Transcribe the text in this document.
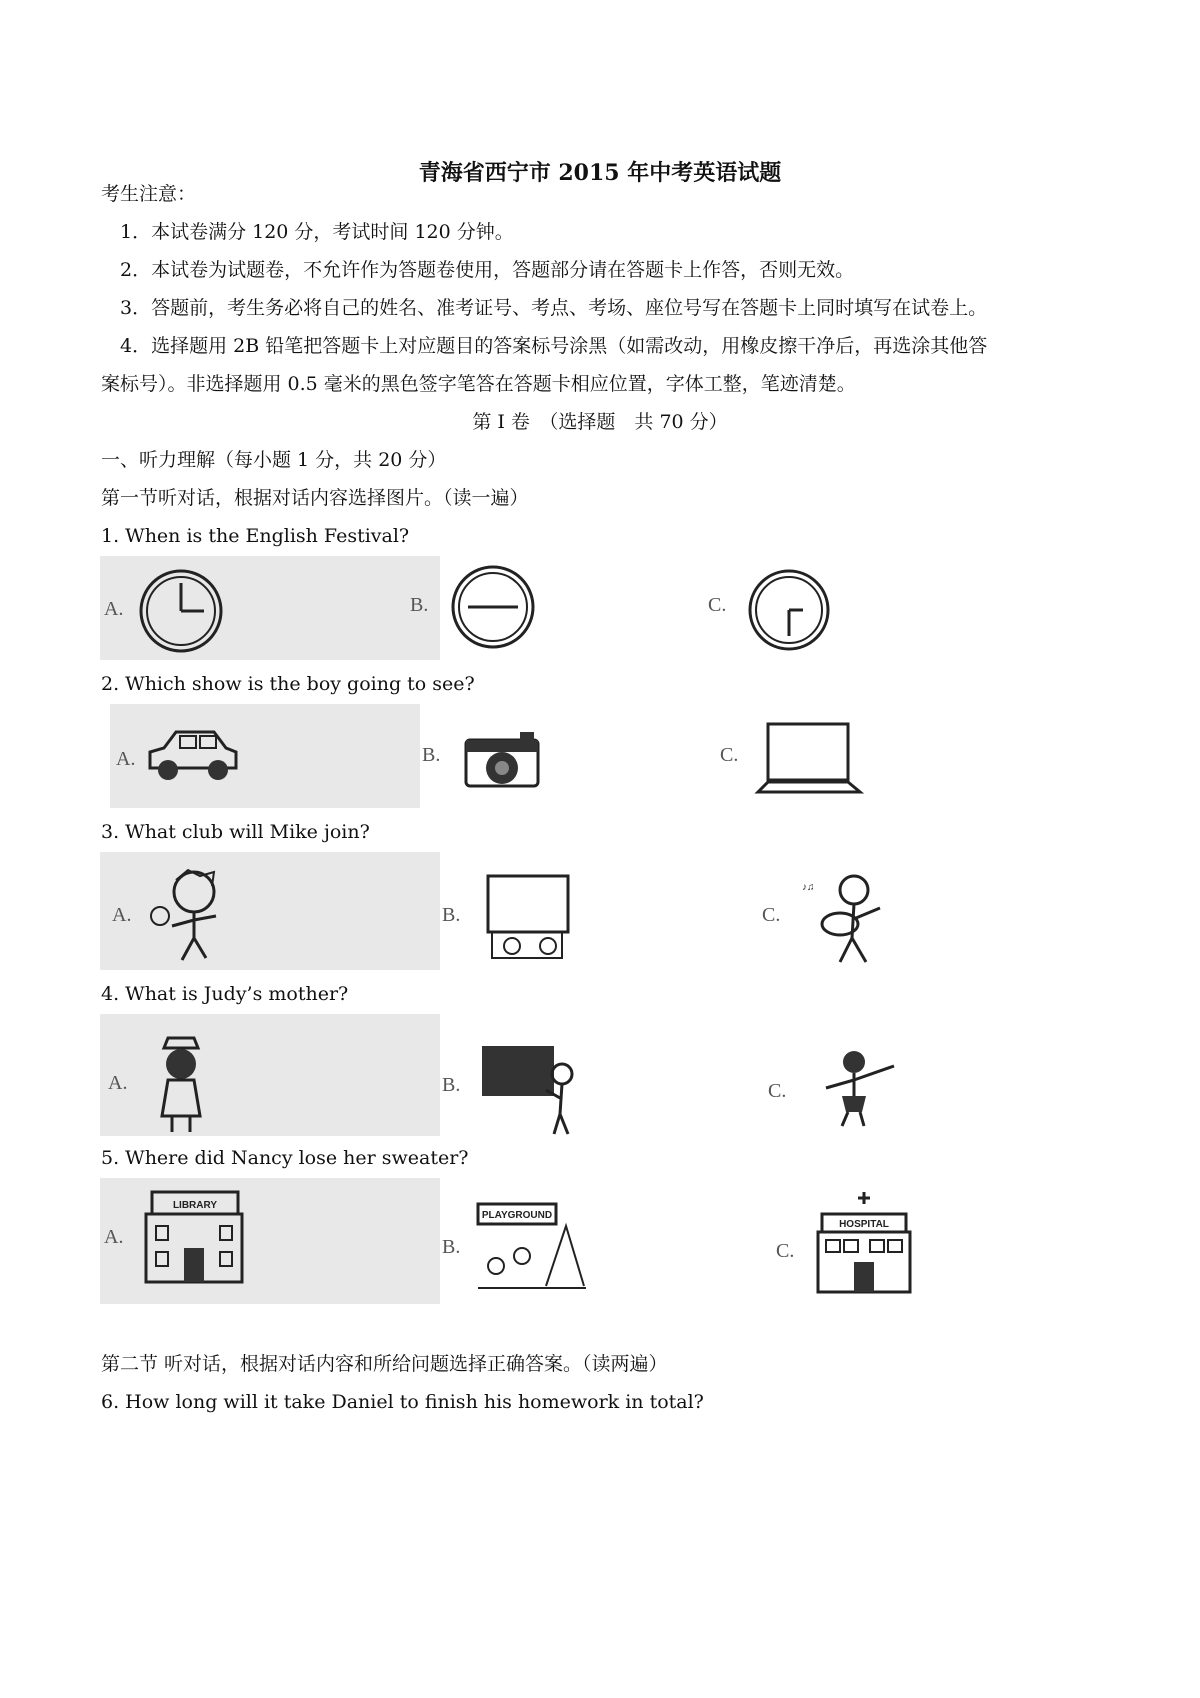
青海省西宁市 2015 年中考英语试题
考生注意：
1．本试卷满分 120 分，考试时间 120 分钟。
2．本试卷为试题卷，不允许作为答题卷使用，答题部分请在答题卡上作答，否则无效。
3．答题前，考生务必将自己的姓名、准考证号、考点、考场、座位号写在答题卡上同时填写在试卷上。
4．选择题用 2B 铅笔把答题卡上对应题目的答案标号涂黑（如需改动，用橡皮擦干净后，再选涂其他答
案标号）。非选择题用 0.5 毫米的黑色签字笔答在答题卡相应位置，字体工整，笔迹清楚。
第 I 卷　（选择题　共 70 分）
一、听力理解（每小题 1 分，共 20 分）
第一节听对话，根据对话内容选择图片。（读一遍）
1. When is the English Festival?
A.	B.	C.
2. Which show is the boy going to see?
A.	B.	C.
3. What club will Mike join?
A.	B.	C.
♪♫
4. What is Judy’s mother?
A.	B.	C.
5. Where did Nancy lose her sweater?
A.
LIBRARY
B.
PLAYGROUND
C.
HOSPITAL
第二节 听对话，根据对话内容和所给问题选择正确答案。（读两遍）
6. How long will it take Daniel to finish his homework in total?
